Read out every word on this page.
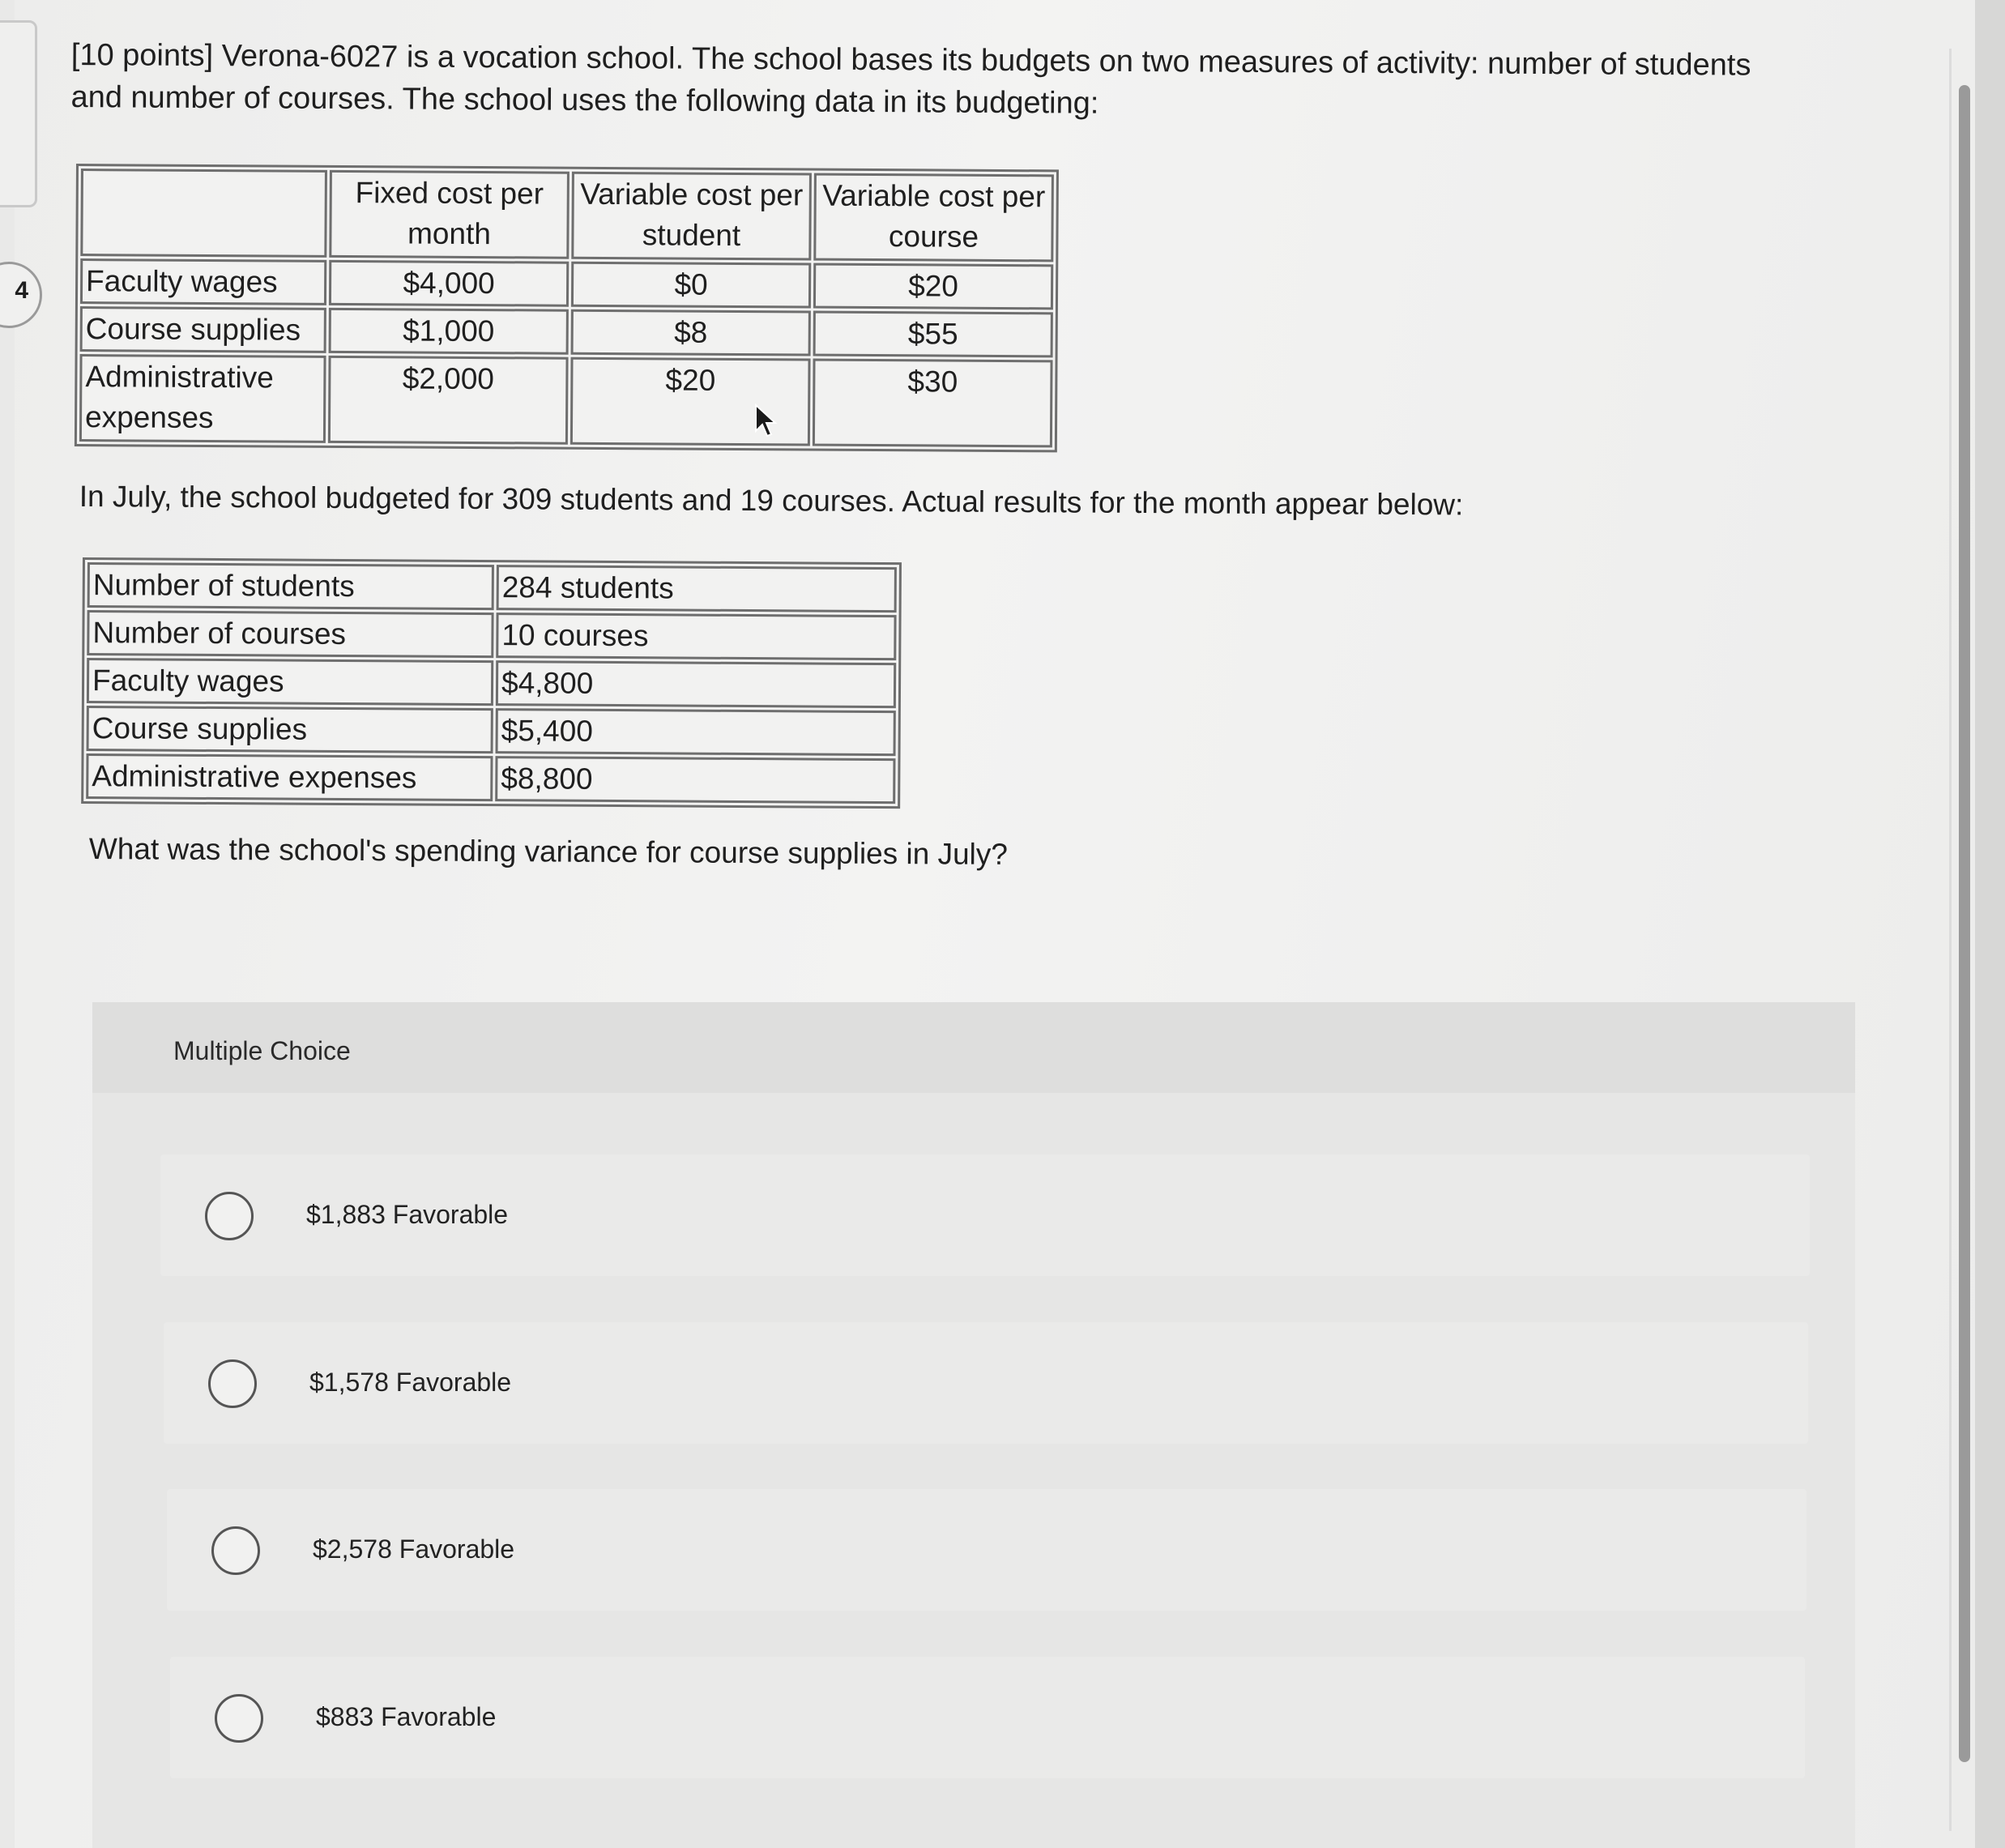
4
[10 points] Verona-6027 is a vocation school. The school bases its budgets on two measures of activity: number of students and number of courses. The school uses the following data in its budgeting:
	Fixed cost per month	Variable cost per student	Variable cost per course
Faculty wages	$4,000	$0	$20
Course supplies	$1,000	$8	$55
Administrative expenses	$2,000	$20	$30
In July, the school budgeted for 309 students and 19 courses. Actual results for the month appear below:
Number of students	284 students
Number of courses	10 courses
Faculty wages	$4,800
Course supplies	$5,400
Administrative expenses	$8,800
What was the school's spending variance for course supplies in July?
Multiple Choice
$1,883 Favorable
$1,578 Favorable
$2,578 Favorable
$883 Favorable
